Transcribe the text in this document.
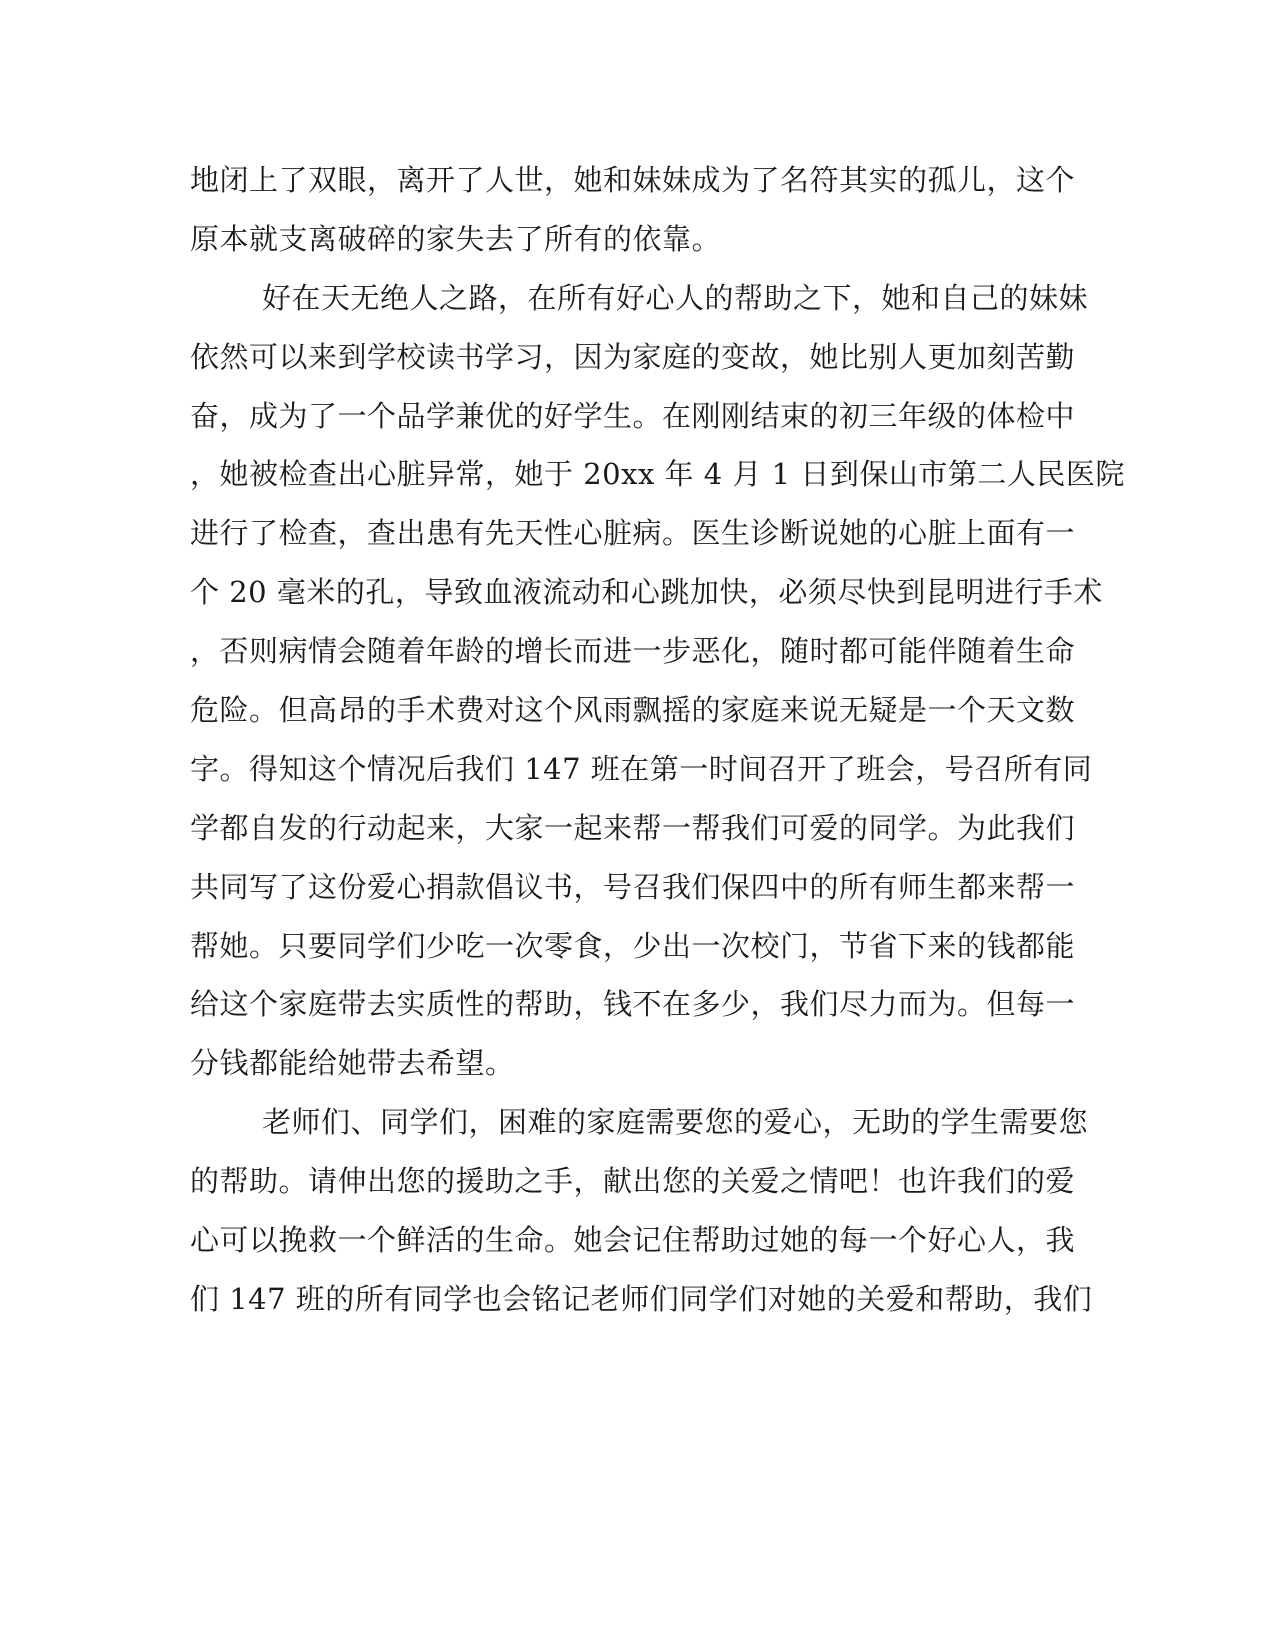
地闭上了双眼，离开了人世，她和妹妹成为了名符其实的孤儿，这个

原本就支离破碎的家失去了所有的依靠。

好在天无绝人之路，在所有好心人的帮助之下，她和自己的妹妹

依然可以来到学校读书学习，因为家庭的变故，她比别人更加刻苦勤

奋，成为了一个品学兼优的好学生。在刚刚结束的初三年级的体检中

，她被检查出心脏异常，她于 20xx 年 4 月 1 日到保山市第二人民医院

进行了检查，查出患有先天性心脏病。医生诊断说她的心脏上面有一

个 20 毫米的孔，导致血液流动和心跳加快，必须尽快到昆明进行手术

，否则病情会随着年龄的增长而进一步恶化，随时都可能伴随着生命

危险。但高昂的手术费对这个风雨飘摇的家庭来说无疑是一个天文数

字。得知这个情况后我们 147 班在第一时间召开了班会，号召所有同

学都自发的行动起来，大家一起来帮一帮我们可爱的同学。为此我们

共同写了这份爱心捐款倡议书，号召我们保四中的所有师生都来帮一

帮她。只要同学们少吃一次零食，少出一次校门，节省下来的钱都能

给这个家庭带去实质性的帮助，钱不在多少，我们尽力而为。但每一

分钱都能给她带去希望。

老师们、同学们，困难的家庭需要您的爱心，无助的学生需要您

的帮助。请伸出您的援助之手，献出您的关爱之情吧！也许我们的爱

心可以挽救一个鲜活的生命。她会记住帮助过她的每一个好心人，我

们 147 班的所有同学也会铭记老师们同学们对她的关爱和帮助，我们
